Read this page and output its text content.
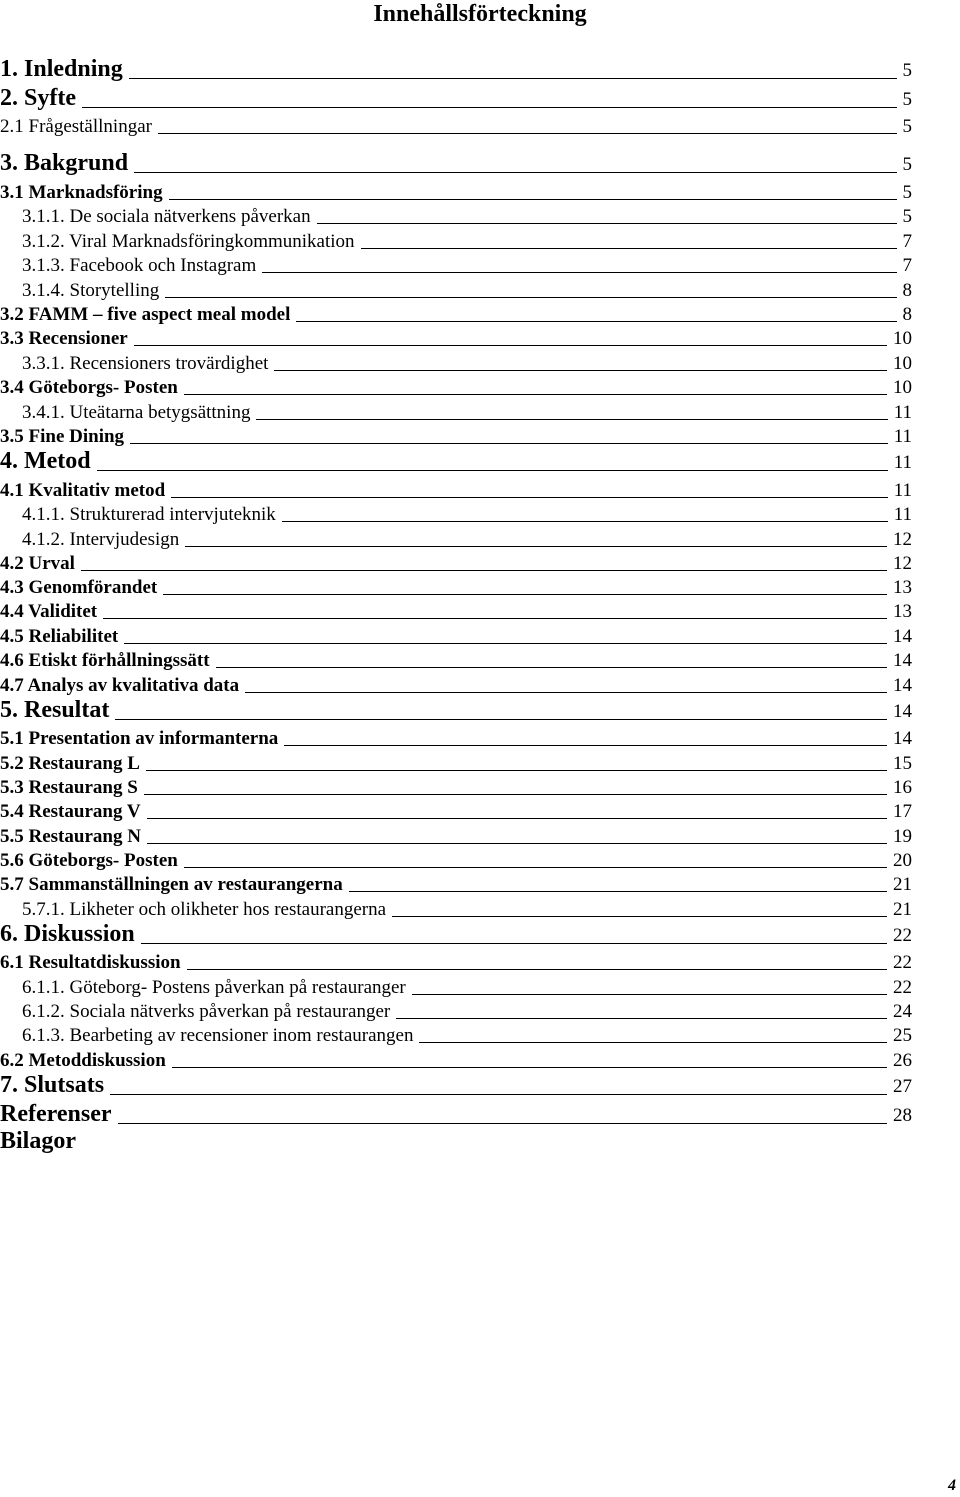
Innehållsförteckning
1. Inledning	5
2. Syfte	5
2.1 Frågeställningar	5
3. Bakgrund	5
3.1 Marknadsföring	5
3.1.1. De sociala nätverkens påverkan	5
3.1.2. Viral Marknadsföringkommunikation	7
3.1.3. Facebook och Instagram	7
3.1.4. Storytelling	8
3.2 FAMM – five aspect meal model	8
3.3 Recensioner	10
3.3.1. Recensioners trovärdighet	10
3.4 Göteborgs- Posten	10
3.4.1. Uteätarna betygsättning	11
3.5 Fine Dining	11
4. Metod	11
4.1 Kvalitativ metod	11
4.1.1. Strukturerad intervjuteknik	11
4.1.2. Intervjudesign	12
4.2 Urval	12
4.3 Genomförandet	13
4.4 Validitet	13
4.5 Reliabilitet	14
4.6 Etiskt förhållningssätt	14
4.7 Analys av kvalitativa data	14
5. Resultat	14
5.1 Presentation av informanterna	14
5.2 Restaurang L	15
5.3 Restaurang S	16
5.4 Restaurang V	17
5.5 Restaurang N	19
5.6 Göteborgs- Posten	20
5.7 Sammanställningen av restaurangerna	21
5.7.1. Likheter och olikheter hos restaurangerna	21
6. Diskussion	22
6.1 Resultatdiskussion	22
6.1.1. Göteborg- Postens påverkan på restauranger	22
6.1.2. Sociala nätverks påverkan på restauranger	24
6.1.3. Bearbeting av recensioner inom restaurangen	25
6.2 Metoddiskussion	26
7. Slutsats	27
Referenser	28
Bilagor
4
